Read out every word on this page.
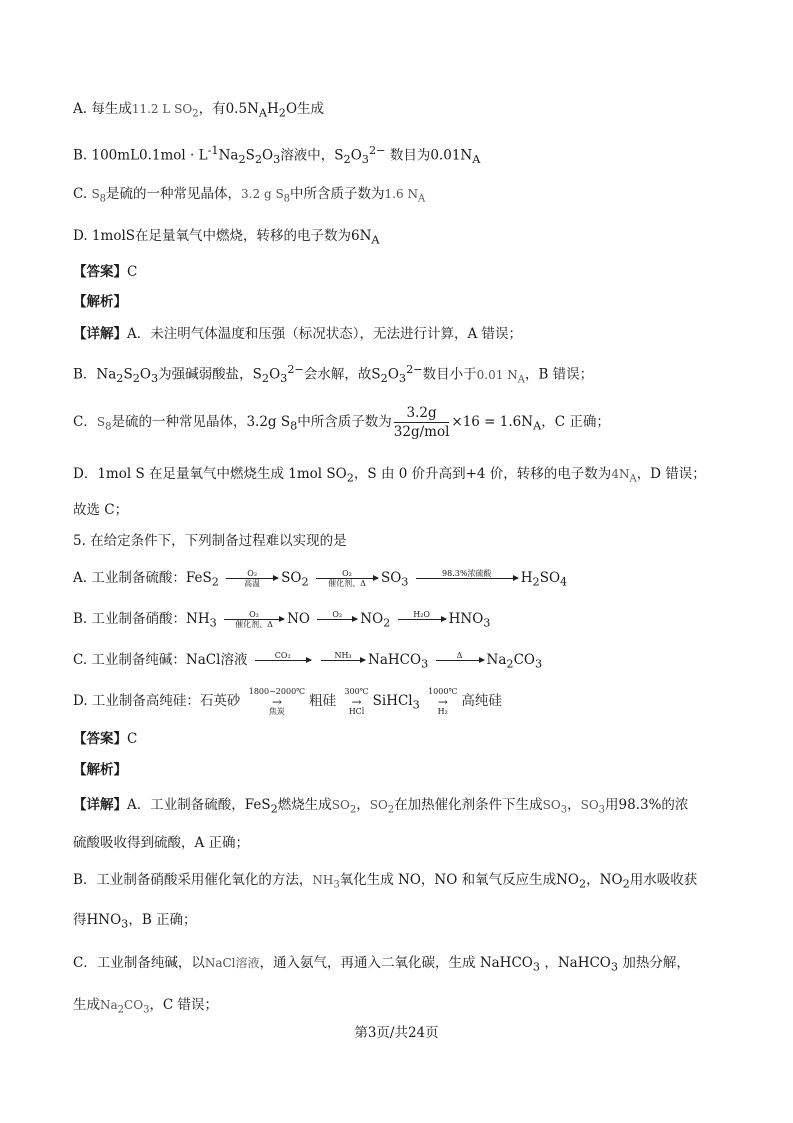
A. 每生成11.2 L $SO_2$，有$0.5N_AH_2O$生成
B. $100mL0.1mol \cdot L^{-1}Na_2S_2O_3$溶液中，$S_2O_3^{2-}$ 数目为$0.01N_A$
C. $S_8$是硫的一种常见晶体，3.2 g $S_8$中所含质子数为1.6 $N_A$
D. 1molS在足量氧气中燃烧，转移的电子数为$6N_A$
【答案】C
【解析】
【详解】A．未注明气体温度和压强（标况状态），无法进行计算，A 错误；
B．$Na_2S_2O_3$为强碱弱酸盐，$S_2O_3^{2-}$会水解，故$S_2O_3^{2-}$数目小于0.01 $N_A$，B 错误；
C．$S_8$是硫的一种常见晶体，3.2g $S_8$中所含质子数为 $\frac{3.2g}{\text{32g/mol}} \times 16 = 1.6N_A$，C 正确；
D．1mol S 在足量氧气中燃烧生成 1mol $SO_2$，S 由 0 价升高到+4 价，转移的电子数为$4N_A$，D 错误；
故选 C；
5. 在给定条件下，下列制备过程难以实现的是
A. 工业制备硫酸：FeS$_2$
O₂
高温	$SO_2$
O₂
催化剂、Δ	$SO_3$
98.3%浓硫酸
	$H_2SO_4$
B. 工业制备硝酸：$NH_3$
O₂
催化剂、Δ	NO	O₂
	$NO_2$
H₂O
	$HNO_3$
C. 工业制备纯碱：NaCl溶液	CO₂

	NH₃
	NaHCO$_3$
Δ
	$Na_2CO_3$
D. 工业制备高纯硅：石英砂
1800~2000℃
→
焦炭
粗硅
300℃
→
HCl
SiHCl$_3$
1000℃
→
H₂
高纯硅
【答案】C
【解析】
【详解】A．工业制备硫酸，FeS$_2$燃烧生成$SO_2$，$SO_2$在加热催化剂条件下生成$SO_3$，$SO_3$用98.3%的浓
硫酸吸收得到硫酸，A 正确；
B．工业制备硝酸采用催化氧化的方法，$NH_3$氧化生成 NO，NO 和氧气反应生成$NO_2$，$NO_2$用水吸收获
得$HNO_3$，B 正确；
C．工业制备纯碱，以NaCl溶液，通入氨气，再通入二氧化碳，生成 NaHCO$_3$ ，NaHCO$_3$ 加热分解，
生成$Na_2CO_3$，C 错误；
第3页/共24页
